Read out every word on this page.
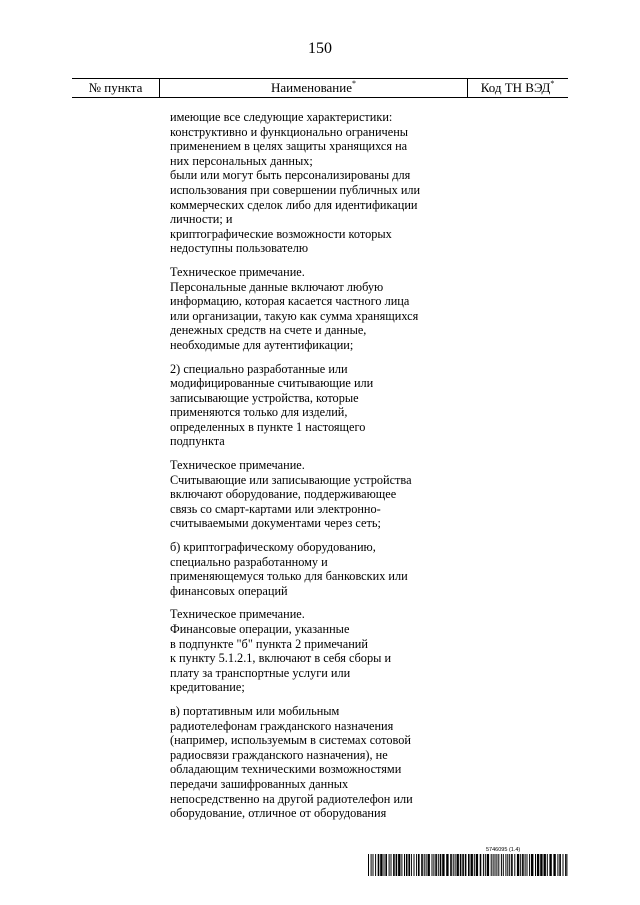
150
№ пункта	Наименование*	Код ТН ВЭД*
имеющие все следующие характеристики:
конструктивно и функционально ограничены
применением в целях защиты хранящихся на
них персональных данных;
были или могут быть персонализированы для
использования при совершении публичных или
коммерческих сделок либо для идентификации
личности; и
криптографические возможности которых
недоступны пользователю
Техническое примечание.
Персональные данные включают любую
информацию, которая касается частного лица
или организации, такую как сумма хранящихся
денежных средств на счете и данные,
необходимые для аутентификации;
2) специально разработанные или
модифицированные считывающие или
записывающие устройства, которые
применяются только для изделий,
определенных в пункте 1 настоящего
подпункта
Техническое примечание.
Считывающие или записывающие устройства
включают оборудование, поддерживающее
связь со смарт-картами или электронно-
считываемыми документами через сеть;
б) криптографическому оборудованию,
специально разработанному и
применяющемуся только для банковских или
финансовых операций
Техническое примечание.
Финансовые операции, указанные
в подпункте "б" пункта 2 примечаний
к пункту 5.1.2.1, включают в себя сборы и
плату за транспортные услуги или
кредитование;
в) портативным или мобильным
радиотелефонам гражданского назначения
(например, используемым в системах сотовой
радиосвязи гражданского назначения), не
обладающим техническими возможностями
передачи зашифрованных данных
непосредственно на другой радиотелефон или
оборудование, отличное от оборудования
5746095 (1.4)
